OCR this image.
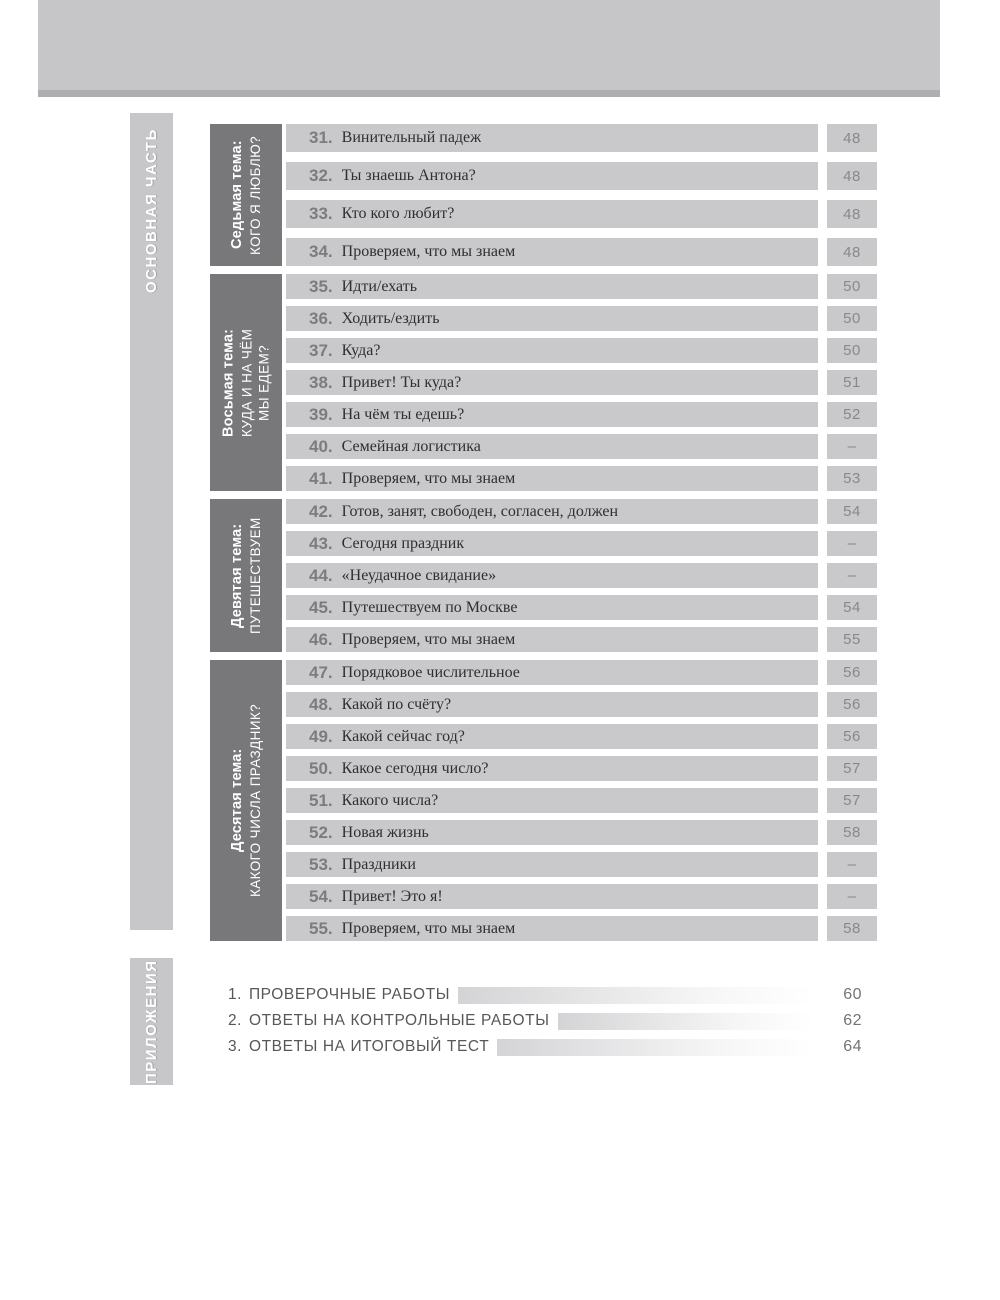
ОСНОВНАЯ ЧАСТЬ	Седьмая тема: КОГО Я ЛЮБЛЮ?	31. Винительный падеж	48
32. Ты знаешь Антона?	48
33. Кто кого любит?	48
34. Проверяем, что мы знаем	48
Восьмая тема: КУДА И НА ЧЁМ МЫ ЕДЕМ?
35. Идти/ехать	50
36. Ходить/ездить	50
37. Куда?	50
38. Привет! Ты куда?	51
39. На чём ты едешь?	52
40. Семейная логистика	–
41. Проверяем, что мы знаем	53
Девятая тема: ПУТЕШЕСТВУЕМ
42. Готов, занят, свободен, согласен, должен	54
43. Сегодня праздник	–
44. «Неудачное свидание»	–
45. Путешествуем по Москве	54
46. Проверяем, что мы знаем	55
Десятая тема: КАКОГО ЧИСЛА ПРАЗДНИК?
47. Порядковое числительное	56
48. Какой по счёту?	56
49. Какой сейчас год?	56
50. Какое сегодня число?	57
51. Какого числа?	57
52. Новая жизнь	58
53. Праздники	–
54. Привет! Это я!	–
55. Проверяем, что мы знаем	58
ПРИЛОЖЕНИЯ	1. ПРОВЕРОЧНЫЕ РАБОТЫ	60
2. ОТВЕТЫ НА КОНТРОЛЬНЫЕ РАБОТЫ	62
3. ОТВЕТЫ НА ИТОГОВЫЙ ТЕСТ	64
